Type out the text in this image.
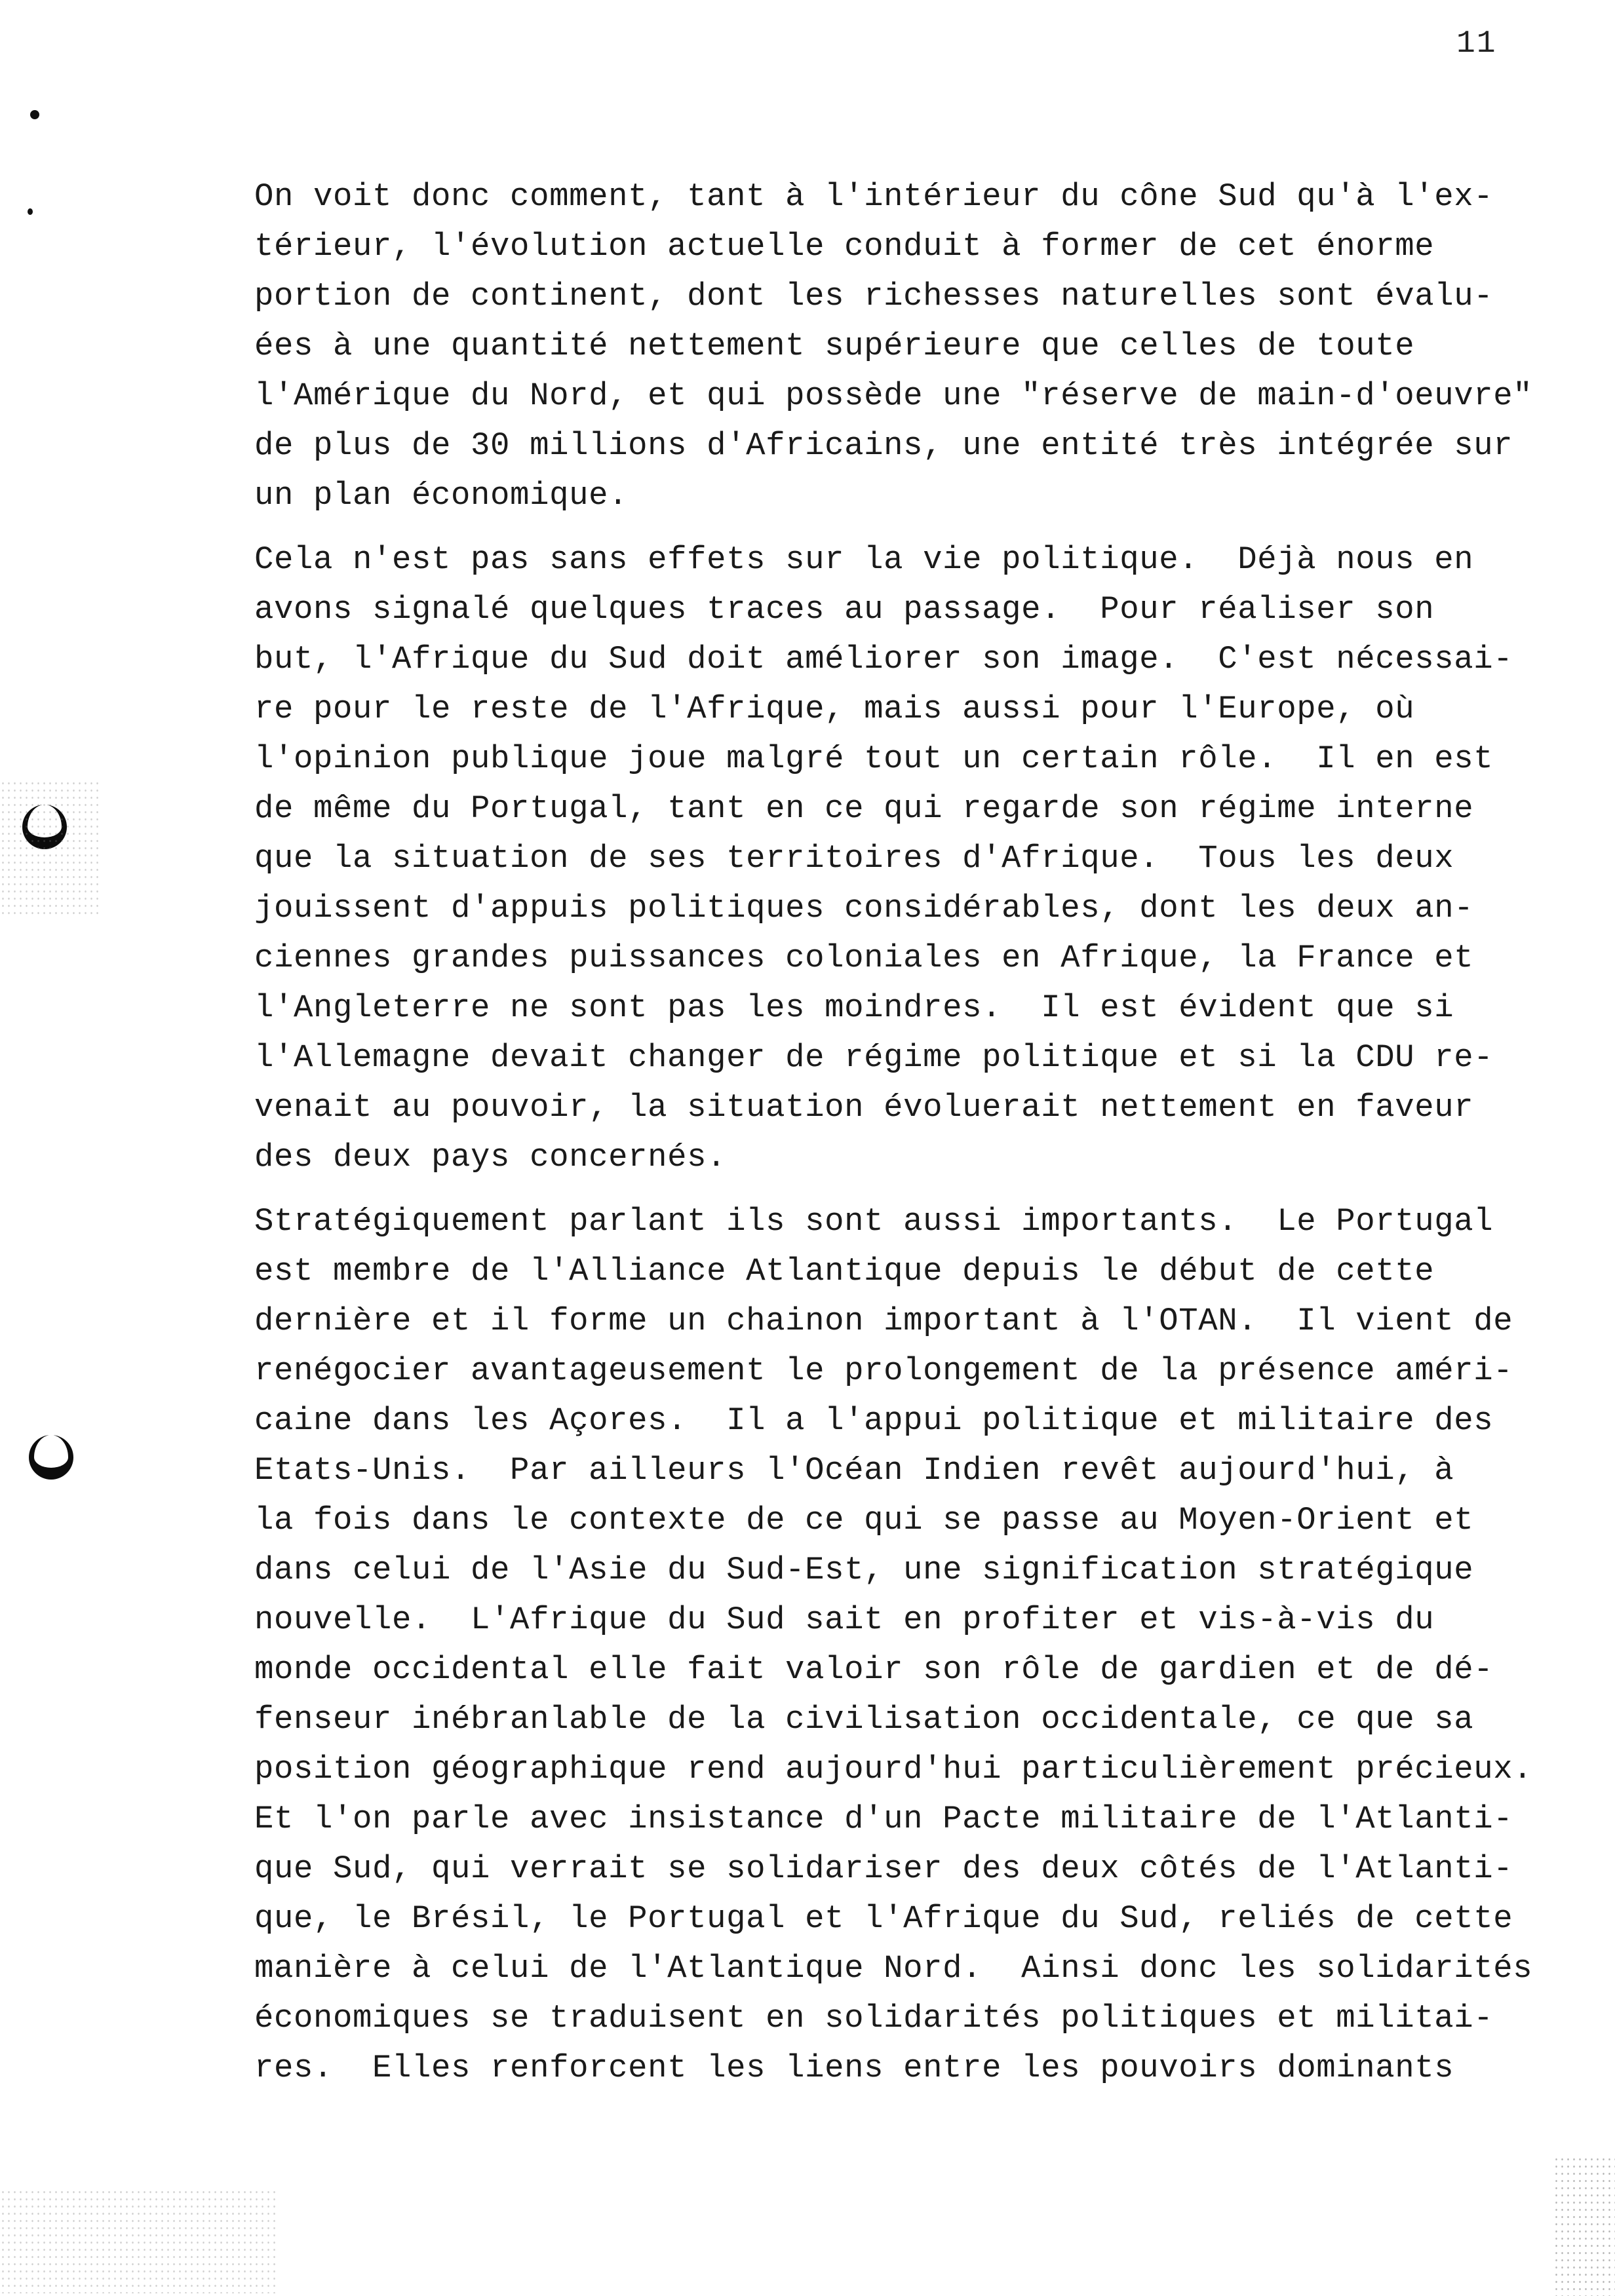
11
On voit donc comment, tant à l'intérieur du cône Sud qu'à l'ex-
térieur, l'évolution actuelle conduit à former de cet énorme
portion de continent, dont les richesses naturelles sont évalu-
ées à une quantité nettement supérieure que celles de toute
l'Amérique du Nord, et qui possède une "réserve de main-d'oeuvre"
de plus de 30 millions d'Africains, une entité très intégrée sur
un plan économique.
Cela n'est pas sans effets sur la vie politique.  Déjà nous en
avons signalé quelques traces au passage.  Pour réaliser son
but, l'Afrique du Sud doit améliorer son image.  C'est nécessai-
re pour le reste de l'Afrique, mais aussi pour l'Europe, où
l'opinion publique joue malgré tout un certain rôle.  Il en est
de même du Portugal, tant en ce qui regarde son régime interne
que la situation de ses territoires d'Afrique.  Tous les deux
jouissent d'appuis politiques considérables, dont les deux an-
ciennes grandes puissances coloniales en Afrique, la France et
l'Angleterre ne sont pas les moindres.  Il est évident que si
l'Allemagne devait changer de régime politique et si la CDU re-
venait au pouvoir, la situation évoluerait nettement en faveur
des deux pays concernés.
Stratégiquement parlant ils sont aussi importants.  Le Portugal
est membre de l'Alliance Atlantique depuis le début de cette
dernière et il forme un chainon important à l'OTAN.  Il vient de
renégocier avantageusement le prolongement de la présence améri-
caine dans les Açores.  Il a l'appui politique et militaire des
Etats-Unis.  Par ailleurs l'Océan Indien revêt aujourd'hui, à
la fois dans le contexte de ce qui se passe au Moyen-Orient et
dans celui de l'Asie du Sud-Est, une signification stratégique
nouvelle.  L'Afrique du Sud sait en profiter et vis-à-vis du
monde occidental elle fait valoir son rôle de gardien et de dé-
fenseur inébranlable de la civilisation occidentale, ce que sa
position géographique rend aujourd'hui particulièrement précieux.
Et l'on parle avec insistance d'un Pacte militaire de l'Atlanti-
que Sud, qui verrait se solidariser des deux côtés de l'Atlanti-
que, le Brésil, le Portugal et l'Afrique du Sud, reliés de cette
manière à celui de l'Atlantique Nord.  Ainsi donc les solidarités
économiques se traduisent en solidarités politiques et militai-
res.  Elles renforcent les liens entre les pouvoirs dominants
